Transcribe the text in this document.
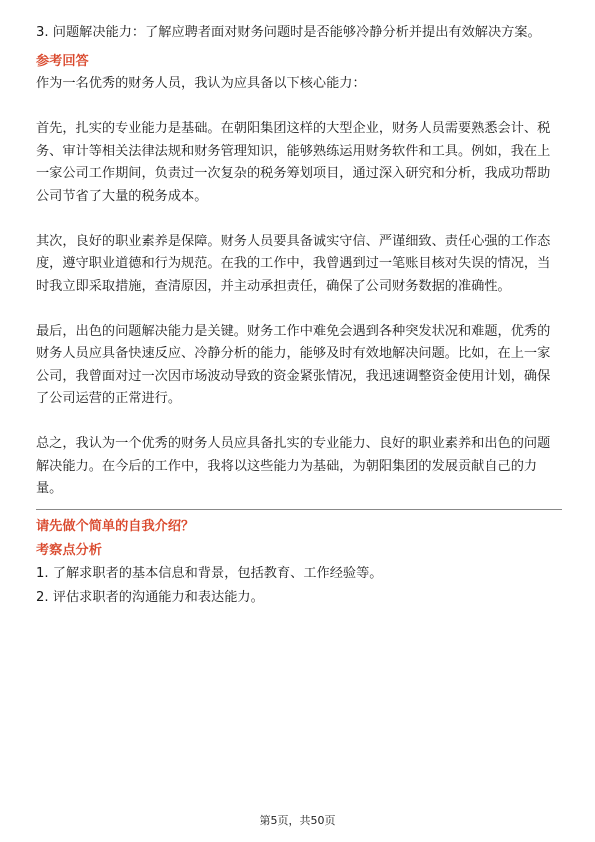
3. 问题解决能力：了解应聘者面对财务问题时是否能够冷静分析并提出有效解决方案。

参考回答

作为一名优秀的财务人员，我认为应具备以下核心能力：

首先，扎实的专业能力是基础。在朝阳集团这样的大型企业，财务人员需要熟悉会计、税务、审计等相关法律法规和财务管理知识，能够熟练运用财务软件和工具。例如，我在上一家公司工作期间，负责过一次复杂的税务筹划项目，通过深入研究和分析，我成功帮助公司节省了大量的税务成本。

其次，良好的职业素养是保障。财务人员要具备诚实守信、严谨细致、责任心强的工作态度，遵守职业道德和行为规范。在我的工作中，我曾遇到过一笔账目核对失误的情况，当时我立即采取措施，查清原因，并主动承担责任，确保了公司财务数据的准确性。

最后，出色的问题解决能力是关键。财务工作中难免会遇到各种突发状况和难题，优秀的财务人员应具备快速反应、冷静分析的能力，能够及时有效地解决问题。比如，在上一家公司，我曾面对过一次因市场波动导致的资金紧张情况，我迅速调整资金使用计划，确保了公司运营的正常进行。

总之，我认为一个优秀的财务人员应具备扎实的专业能力、良好的职业素养和出色的问题解决能力。在今后的工作中，我将以这些能力为基础，为朝阳集团的发展贡献自己的力量。

请先做个简单的自我介绍？
考察点分析

1. 了解求职者的基本信息和背景，包括教育、工作经验等。

2. 评估求职者的沟通能力和表达能力。

第5页，共50页
